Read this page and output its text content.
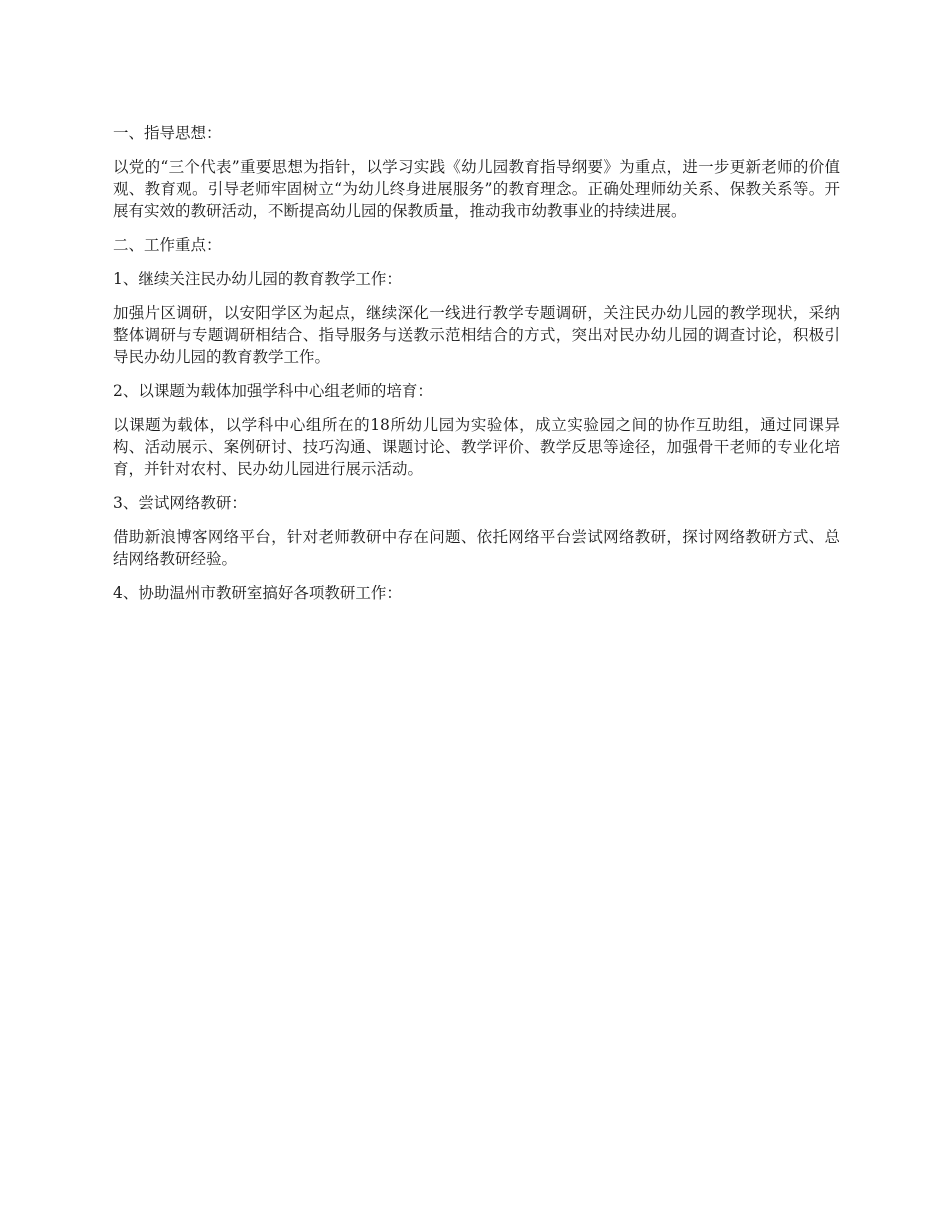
一、指导思想：

以党的“三个代表”重要思想为指针，以学习实践《幼儿园教育指导纲要》为重点，进一步更新老师的价值观、教育观。引导老师牢固树立“为幼儿终身进展服务”的教育理念。正确处理师幼关系、保教关系等。开展有实效的教研活动，不断提高幼儿园的保教质量，推动我市幼教事业的持续进展。

二、工作重点：

1、继续关注民办幼儿园的教育教学工作：

加强片区调研，以安阳学区为起点，继续深化一线进行教学专题调研，关注民办幼儿园的教学现状，采纳整体调研与专题调研相结合、指导服务与送教示范相结合的方式，突出对民办幼儿园的调查讨论，积极引导民办幼儿园的教育教学工作。

2、以课题为载体加强学科中心组老师的培育：

以课题为载体，以学科中心组所在的18所幼儿园为实验体，成立实验园之间的协作互助组，通过同课异构、活动展示、案例研讨、技巧沟通、课题讨论、教学评价、教学反思等途径，加强骨干老师的专业化培育，并针对农村、民办幼儿园进行展示活动。

3、尝试网络教研：

借助新浪博客网络平台，针对老师教研中存在问题、依托网络平台尝试网络教研，探讨网络教研方式、总结网络教研经验。

4、协助温州市教研室搞好各项教研工作：
